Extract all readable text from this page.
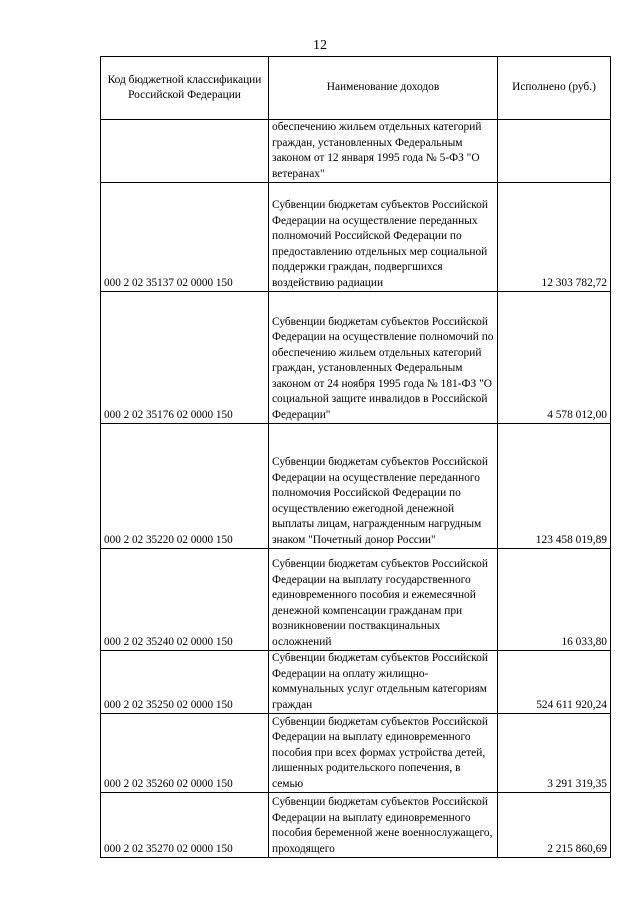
12
Код бюджетной классификации Российской Федерации	Наименование доходов	Исполнено (руб.)
	обеспечению жильем отдельных категорий граждан, установленных Федеральным законом от 12 января 1995 года № 5-ФЗ "О ветеранах"	
000 2 02 35137 02 0000 150	Субвенции бюджетам субъектов Российской Федерации на осуществление переданных полномочий Российской Федерации по предоставлению отдельных мер социальной поддержки граждан, подвергшихся воздействию радиации	12 303 782,72
000 2 02 35176 02 0000 150	Субвенции бюджетам субъектов Российской Федерации на осуществление полномочий по обеспечению жильем отдельных категорий граждан, установленных Федеральным законом от 24 ноября 1995 года № 181-ФЗ "О социальной защите инвалидов в Российской Федерации"	4 578 012,00
000 2 02 35220 02 0000 150	Субвенции бюджетам субъектов Российской Федерации на осуществление переданного полномочия Российской Федерации по осуществлению ежегодной денежной выплаты лицам, награжденным нагрудным знаком "Почетный донор России"	123 458 019,89
000 2 02 35240 02 0000 150	Субвенции бюджетам субъектов Российской Федерации на выплату государственного единовременного пособия и ежемесячной денежной компенсации гражданам при возникновении поствакцинальных осложнений	16 033,80
000 2 02 35250 02 0000 150	Субвенции бюджетам субъектов Российской Федерации на оплату жилищно-коммунальных услуг отдельным категориям граждан	524 611 920,24
000 2 02 35260 02 0000 150	Субвенции бюджетам субъектов Российской Федерации на выплату единовременного пособия при всех формах устройства детей, лишенных родительского попечения, в семью	3 291 319,35
000 2 02 35270 02 0000 150	Субвенции бюджетам субъектов Российской Федерации на выплату единовременного пособия беременной жене военнослужащего, проходящего	2 215 860,69
